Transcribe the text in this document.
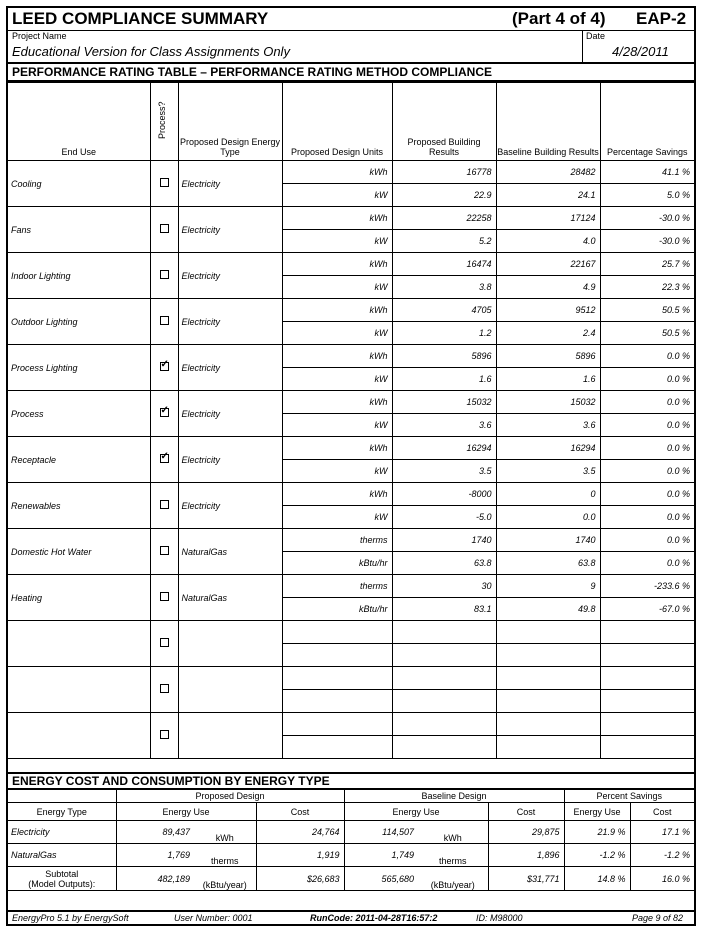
LEED COMPLIANCE SUMMARY	(Part 4 of 4) EAP-2
Project Name
Educational Version for Class Assignments Only
Date
4/28/2011
PERFORMANCE RATING TABLE – PERFORMANCE RATING METHOD COMPLIANCE
End Use	Process?	Proposed Design Energy Type	Proposed Design Units	Proposed Building Results	Baseline Building Results	Percentage Savings
Cooling		Electricity	kWh	16778	28482	41.1 %
			kW	22.9	24.1	5.0 %
Fans		Electricity	kWh	22258	17124	-30.0 %
			kW	5.2	4.0	-30.0 %
Indoor Lighting		Electricity	kWh	16474	22167	25.7 %
			kW	3.8	4.9	22.3 %
Outdoor Lighting		Electricity	kWh	4705	9512	50.5 %
			kW	1.2	2.4	50.5 %
Process Lighting	✓	Electricity	kWh	5896	5896	0.0 %
			kW	1.6	1.6	0.0 %
Process	✓	Electricity	kWh	15032	15032	0.0 %
			kW	3.6	3.6	0.0 %
Receptacle	✓	Electricity	kWh	16294	16294	0.0 %
			kW	3.5	3.5	0.0 %
Renewables		Electricity	kWh	-8000	0	0.0 %
			kW	-5.0	0.0	0.0 %
Domestic Hot Water		NaturalGas	therms	1740	1740	0.0 %
			kBtu/hr	63.8	63.8	0.0 %
Heating		NaturalGas	therms	30	9	-233.6 %
			kBtu/hr	83.1	49.8	-67.0 %

ENERGY COST AND CONSUMPTION BY ENERGY TYPE
	Proposed Design			Baseline Design			Percent Savings	
Energy Type	Energy Use		Cost	Energy Use		Cost	Energy Use	Cost
Electricity	89,437	kWh	24,764	114,507	kWh	29,875	21.9 %	17.1 %
NaturalGas	1,769	therms	1,919	1,749	therms	1,896	-1.2 %	-1.2 %

Subtotal
(Model Outputs):	482,189	(kBtu/year)	$26,683	565,680	(kBtu/year)	$31,771	14.8 %	16.0 %
EnergyPro 5.1 by EnergySoft	User Number: 0001	RunCode: 2011-04-28T16:57:2	ID: M98000	Page 9 of 82
